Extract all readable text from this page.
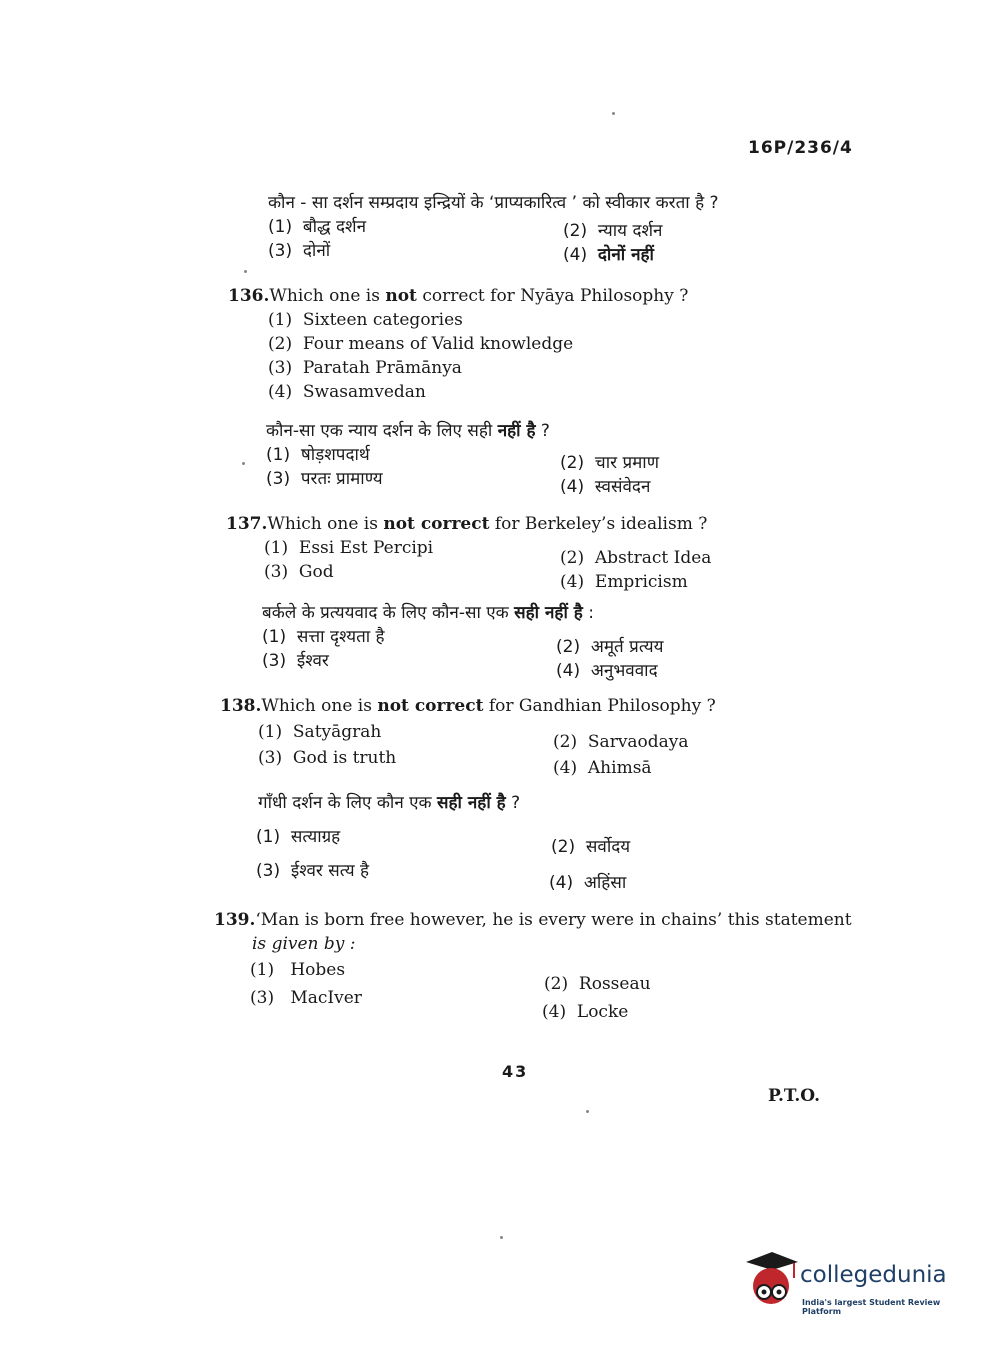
16P/236/4
कौन - सा दर्शन सम्प्रदाय इन्द्रियों के ‘प्राप्यकारित्व ’ को स्वीकार करता है ?
(1) बौद्ध दर्शन	(2) न्याय दर्शन
(3) दोनों	(4) दोनों नहीं
136.Which one is not correct for Nyāya Philosophy ?
(1) Sixteen categories
(2) Four means of Valid knowledge
(3) Paratah Prāmānya
(4) Swasamvedan
कौन-सा एक न्याय दर्शन के लिए सही नहीं है ?
(1) षोड़शपदार्थ	(2) चार प्रमाण
(3) परतः प्रामाण्य	(4) स्वसंवेदन
137.Which one is not correct for Berkeley’s idealism ?
(1) Essi Est Percipi	(2) Abstract Idea
(3) God	(4) Empricism
बर्कले के प्रत्ययवाद के लिए कौन-सा एक सही नहीं है :
(1) सत्ता दृश्यता है	(2) अमूर्त प्रत्यय
(3) ईश्वर	(4) अनुभववाद
138.Which one is not correct for Gandhian Philosophy ?
(1) Satyāgrah	(2) Sarvaodaya
(3) God is truth	(4) Ahimsā
गाँधी दर्शन के लिए कौन एक सही नहीं है ?
(1) सत्याग्रह	(2) सर्वोदय
(3) ईश्वर सत्य है
(4) अहिंसा
139.‘Man is born free however, he is every were in chains’ this statement
is given by :
(1) Hobes
(2) Rosseau
(3) MacIver
(4) Locke
43
P.T.O.
collegedunia
India's largest Student Review Platform
